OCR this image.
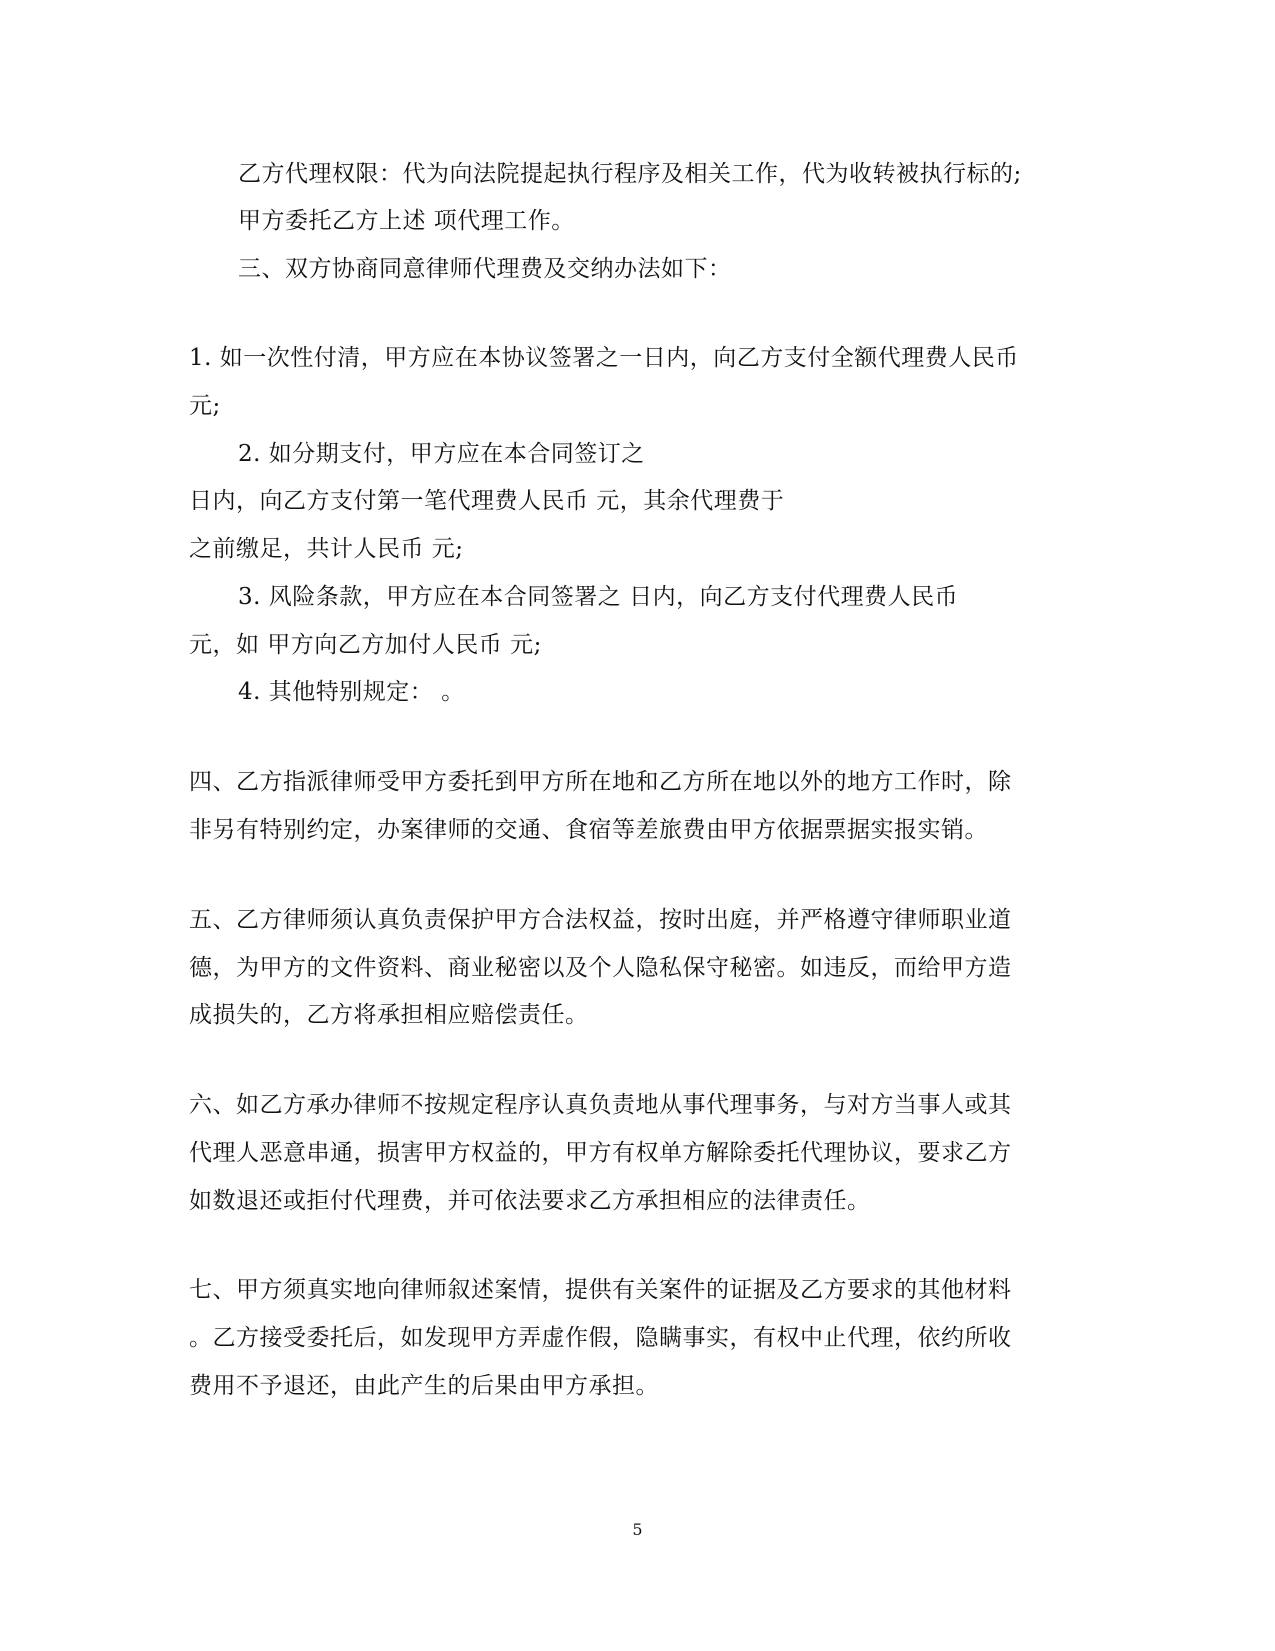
乙方代理权限：代为向法院提起执行程序及相关工作，代为收转被执行标的;
甲方委托乙方上述 项代理工作。
三、双方协商同意律师代理费及交纳办法如下：
1. 如一次性付清，甲方应在本协议签署之一日内，向乙方支付全额代理费人民币
元;
2. 如分期支付，甲方应在本合同签订之
日内，向乙方支付第一笔代理费人民币 元，其余代理费于
之前缴足，共计人民币 元;
3. 风险条款，甲方应在本合同签署之 日内，向乙方支付代理费人民币
元，如 甲方向乙方加付人民币 元;
4. 其他特别规定： 。
四、乙方指派律师受甲方委托到甲方所在地和乙方所在地以外的地方工作时，除
非另有特别约定，办案律师的交通、食宿等差旅费由甲方依据票据实报实销。
五、乙方律师须认真负责保护甲方合法权益，按时出庭，并严格遵守律师职业道
德，为甲方的文件资料、商业秘密以及个人隐私保守秘密。如违反，而给甲方造
成损失的，乙方将承担相应赔偿责任。
六、如乙方承办律师不按规定程序认真负责地从事代理事务，与对方当事人或其
代理人恶意串通，损害甲方权益的，甲方有权单方解除委托代理协议，要求乙方
如数退还或拒付代理费，并可依法要求乙方承担相应的法律责任。
七、甲方须真实地向律师叙述案情，提供有关案件的证据及乙方要求的其他材料
。乙方接受委托后，如发现甲方弄虚作假，隐瞒事实，有权中止代理，依约所收
费用不予退还，由此产生的后果由甲方承担。
5
